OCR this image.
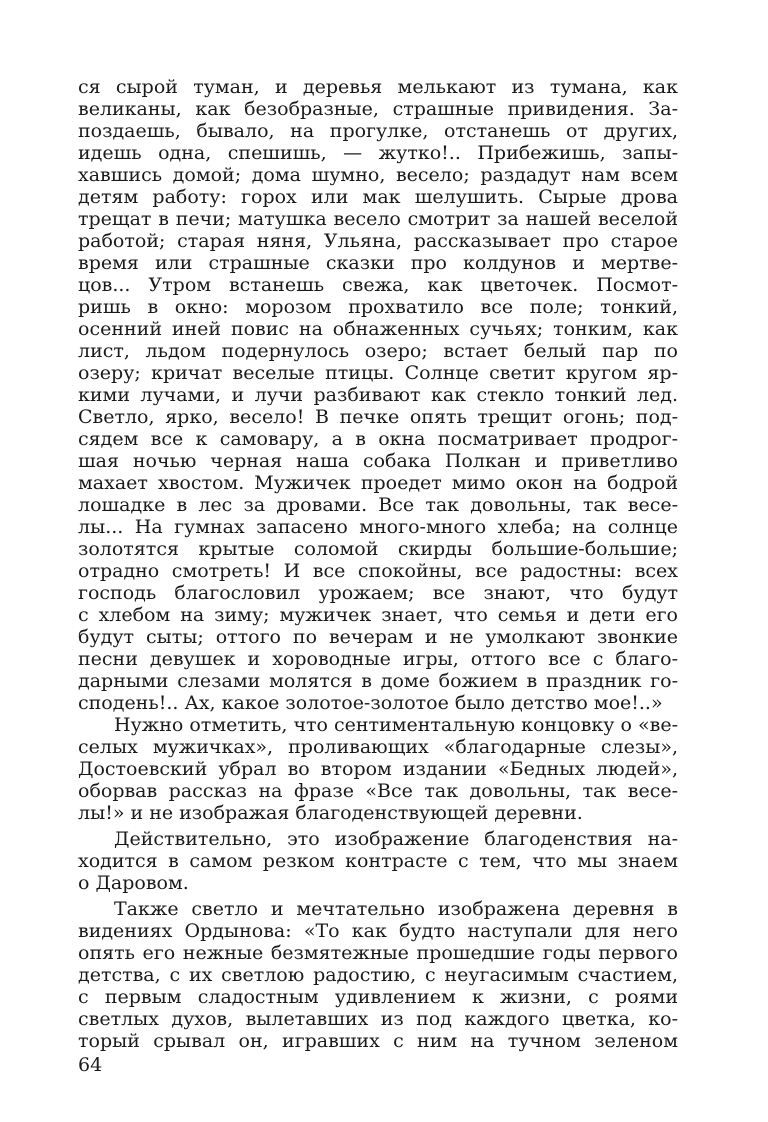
ся сырой туман, и деревья мелькают из тумана, как
великаны, как безобразные, страшные привидения. За-
поздаешь, бывало, на прогулке, отстанешь от других,
идешь одна, спешишь, — жутко!.. Прибежишь, запы-
хавшись домой; дома шумно, весело; раздадут нам всем
детям работу: горох или мак шелушить. Сырые дрова
трещат в печи; матушка весело смотрит за нашей веселой
работой; старая няня, Ульяна, рассказывает про старое
время или страшные сказки про колдунов и мертве-
цов... Утром встанешь свежа, как цветочек. Посмот-
ришь в окно: морозом прохватило все поле; тонкий,
осенний иней повис на обнаженных сучьях; тонким, как
лист, льдом подернулось озеро; встает белый пар по
озеру; кричат веселые птицы. Солнце светит кругом яр-
кими лучами, и лучи разбивают как стекло тонкий лед.
Светло, ярко, весело! В печке опять трещит огонь; под-
сядем все к самовару, а в окна посматривает продрог-
шая ночью черная наша собака Полкан и приветливо
махает хвостом. Мужичек проедет мимо окон на бодрой
лошадке в лес за дровами. Все так довольны, так весе-
лы... На гумнах запасено много-много хлеба; на солнце
золотятся крытые соломой скирды большие-большие;
отрадно смотреть! И все спокойны, все радостны: всех
господь благословил урожаем; все знают, что будут
с хлебом на зиму; мужичек знает, что семья и дети его
будут сыты; оттого по вечерам и не умолкают звонкие
песни девушек и хороводные игры, оттого все с благо-
дарными слезами молятся в доме божием в праздник го-
сподень!.. Ах, какое золотое-золотое было детство мое!..»
Нужно отметить, что сентиментальную концовку о «ве-
селых мужичках», проливающих «благодарные слезы»,
Достоевский убрал во втором издании «Бедных людей»,
оборвав рассказ на фразе «Все так довольны, так весе-
лы!» и не изображая благоденствующей деревни.
Действительно, это изображение благоденствия на-
ходится в самом резком контрасте с тем, что мы знаем
о Даровом.
Также светло и мечтательно изображена деревня в
видениях Ордынова: «То как будто наступали для него
опять его нежные безмятежные прошедшие годы первого
детства, с их светлою радостию, с неугасимым счастием,
с первым сладостным удивлением к жизни, с роями
светлых духов, вылетавших из под каждого цветка, ко-
торый срывал он, игравших с ним на тучном зеленом
64
